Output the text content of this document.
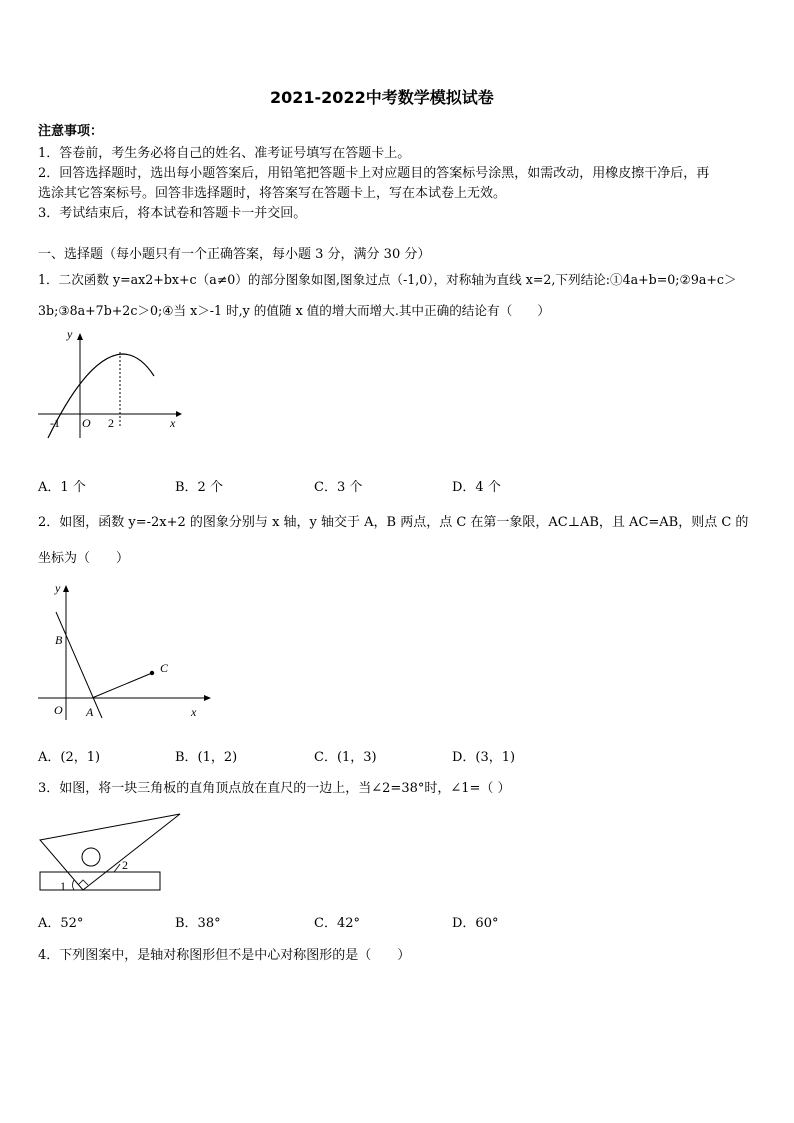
2021-2022中考数学模拟试卷
注意事项：
1．答卷前，考生务必将自己的姓名、准考证号填写在答题卡上。
2．回答选择题时，选出每小题答案后，用铅笔把答题卡上对应题目的答案标号涂黑，如需改动，用橡皮擦干净后，再
选涂其它答案标号。回答非选择题时，将答案写在答题卡上，写在本试卷上无效。
3．考试结束后，将本试卷和答题卡一并交回。
一、选择题（每小题只有一个正确答案，每小题 3 分，满分 30 分）
1．二次函数 y=ax2+bx+c（a≠0）的部分图象如图,图象过点（-1,0），对称轴为直线 x=2,下列结论:①4a+b=0;②9a+c＞
3b;③8a+7b+2c＞0;④当 x＞-1 时,y 的值随 x 值的增大而增大.其中正确的结论有（　　）
y
x
O
-1	2
A．1 个	B．2 个	C．3 个	D．4 个
2．如图，函数 y=-2x+2 的图象分别与 x 轴，y 轴交于 A，B 两点，点 C 在第一象限，AC⊥AB，且 AC=AB，则点 C 的
坐标为（　　）
y
x
O A
B
C
A．(2，1)	B．(1，2)	C．(1，3)	D．(3，1)
3．如图，将一块三角板的直角顶点放在直尺的一边上，当∠2=38°时，∠1=（ ）
1
2
A．52°	B．38°	C．42°	D．60°
4．下列图案中，是轴对称图形但不是中心对称图形的是（　　）
